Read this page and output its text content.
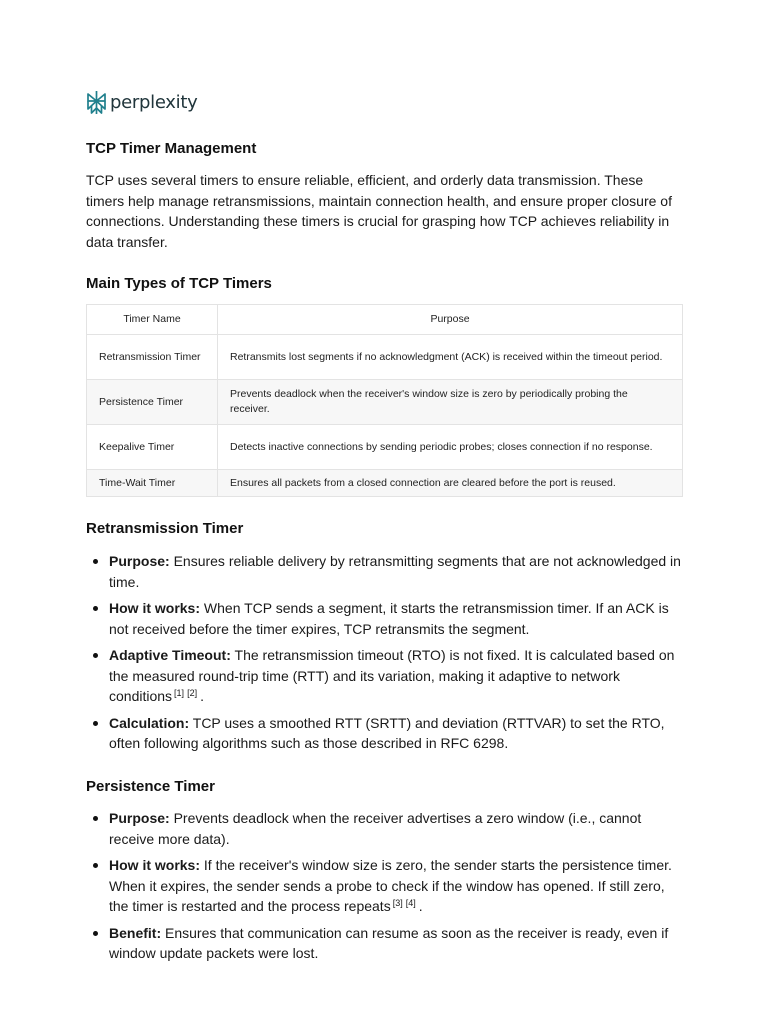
perplexity
TCP Timer Management

TCP uses several timers to ensure reliable, efficient, and orderly data transmission. These timers help manage retransmissions, maintain connection health, and ensure proper closure of connections. Understanding these timers is crucial for grasping how TCP achieves reliability in data transfer.

Main Types of TCP Timers
Timer Name	Purpose
Retransmission Timer	Retransmits lost segments if no acknowledgment (ACK) is received within the timeout period.
Persistence Timer	Prevents deadlock when the receiver's window size is zero by periodically probing the receiver.
Keepalive Timer	Detects inactive connections by sending periodic probes; closes connection if no response.
Time-Wait Timer	Ensures all packets from a closed connection are cleared before the port is reused.
Retransmission Timer
Purpose: Ensures reliable delivery by retransmitting segments that are not acknowledged in time.
How it works: When TCP sends a segment, it starts the retransmission timer. If an ACK is not received before the timer expires, TCP retransmits the segment.
Adaptive Timeout: The retransmission timeout (RTO) is not fixed. It is calculated based on the measured round-trip time (RTT) and its variation, making it adaptive to network conditions [1] [2] .
Calculation: TCP uses a smoothed RTT (SRTT) and deviation (RTTVAR) to set the RTO, often following algorithms such as those described in RFC 6298.
Persistence Timer
Purpose: Prevents deadlock when the receiver advertises a zero window (i.e., cannot receive more data).
How it works: If the receiver's window size is zero, the sender starts the persistence timer. When it expires, the sender sends a probe to check if the window has opened. If still zero, the timer is restarted and the process repeats [3] [4] .
Benefit: Ensures that communication can resume as soon as the receiver is ready, even if window update packets were lost.
